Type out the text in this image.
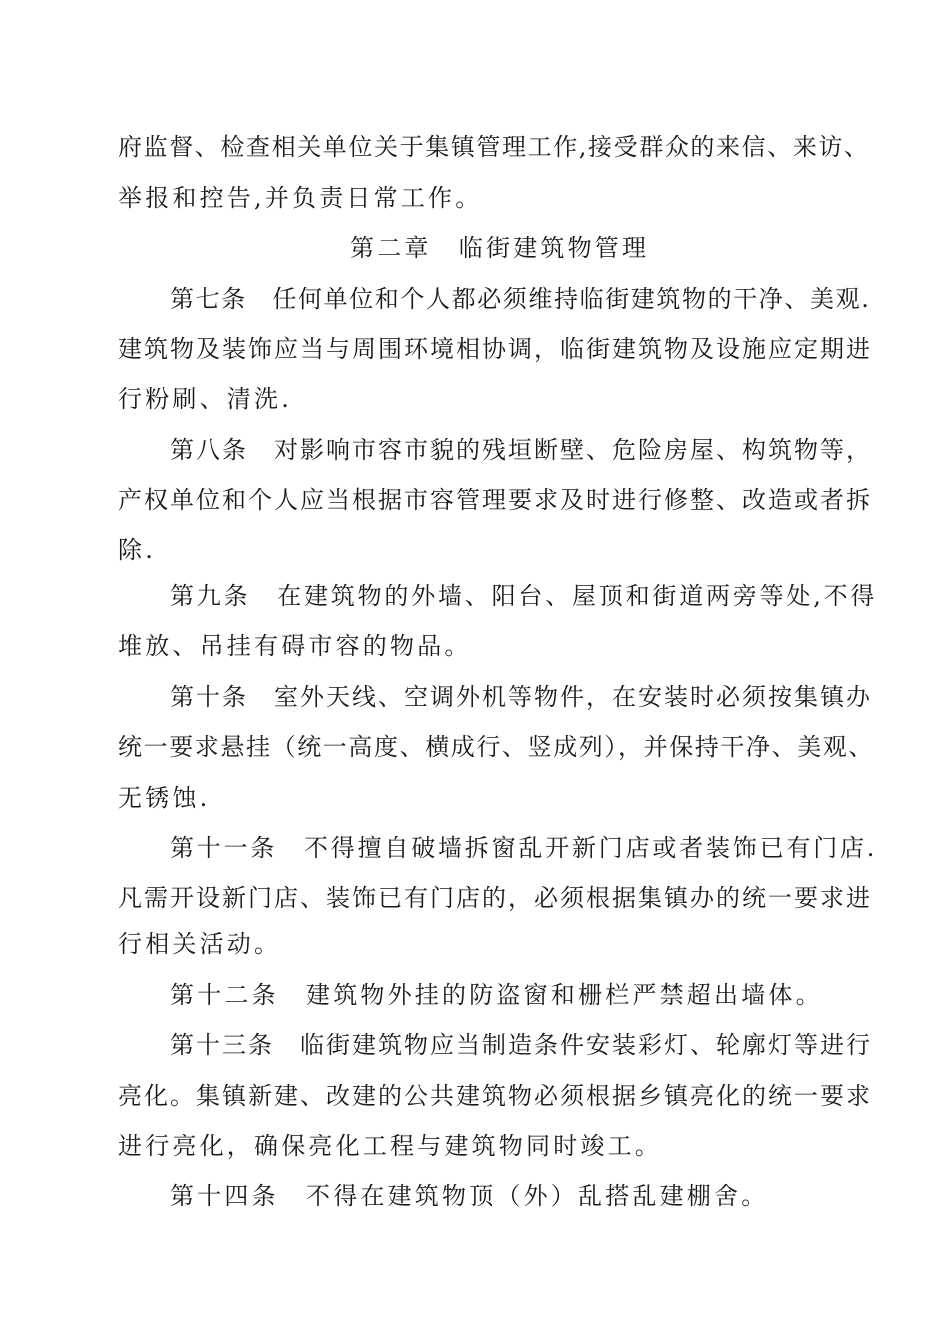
府监督、检查相关单位关于集镇管理工作,接受群众的来信、来访、
举报和控告,并负责日常工作。
第二章　临街建筑物管理
第七条　任何单位和个人都必须维持临街建筑物的干净、美观.
建筑物及装饰应当与周围环境相协调，临街建筑物及设施应定期进
行粉刷、清洗.
第八条　对影响市容市貌的残垣断壁、危险房屋、构筑物等，
产权单位和个人应当根据市容管理要求及时进行修整、改造或者拆
除.
第九条　在建筑物的外墙、阳台、屋顶和街道两旁等处,不得
堆放、吊挂有碍市容的物品。
第十条　室外天线、空调外机等物件，在安装时必须按集镇办
统一要求悬挂（统一高度、横成行、竖成列），并保持干净、美观、
无锈蚀.
第十一条　不得擅自破墙拆窗乱开新门店或者装饰已有门店.
凡需开设新门店、装饰已有门店的，必须根据集镇办的统一要求进
行相关活动。
第十二条　建筑物外挂的防盗窗和栅栏严禁超出墙体。
第十三条　临街建筑物应当制造条件安装彩灯、轮廓灯等进行
亮化。集镇新建、改建的公共建筑物必须根据乡镇亮化的统一要求
进行亮化，确保亮化工程与建筑物同时竣工。
第十四条　不得在建筑物顶（外）乱搭乱建棚舍。
